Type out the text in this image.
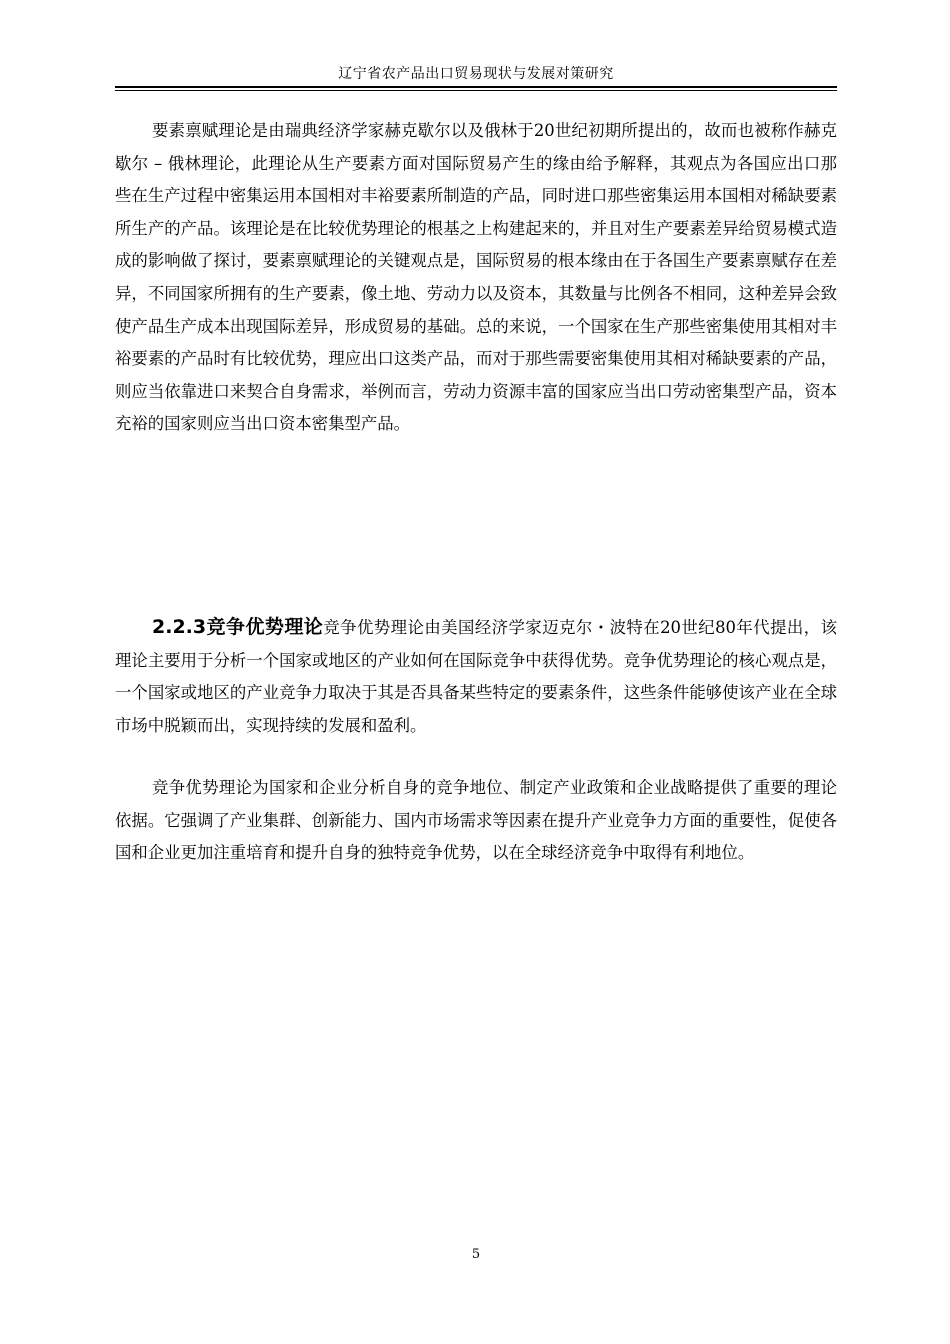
辽宁省农产品出口贸易现状与发展对策研究

要素禀赋理论是由瑞典经济学家赫克歇尔以及俄林于20世纪初期所提出的，故而也被称作赫克歇尔 – 俄林理论，此理论从生产要素方面对国际贸易产生的缘由给予解释，其观点为各国应出口那些在生产过程中密集运用本国相对丰裕要素所制造的产品，同时进口那些密集运用本国相对稀缺要素所生产的产品。该理论是在比较优势理论的根基之上构建起来的，并且对生产要素差异给贸易模式造成的影响做了探讨，要素禀赋理论的关键观点是，国际贸易的根本缘由在于各国生产要素禀赋存在差异，不同国家所拥有的生产要素，像土地、劳动力以及资本，其数量与比例各不相同，这种差异会致使产品生产成本出现国际差异，形成贸易的基础。总的来说，一个国家在生产那些密集使用其相对丰裕要素的产品时有比较优势，理应出口这类产品，而对于那些需要密集使用其相对稀缺要素的产品，则应当依靠进口来契合自身需求，举例而言，劳动力资源丰富的国家应当出口劳动密集型产品，资本充裕的国家则应当出口资本密集型产品。

2.2.3竞争优势理论竞争优势理论由美国经济学家迈克尔・波特在20世纪80年代提出，该理论主要用于分析一个国家或地区的产业如何在国际竞争中获得优势。竞争优势理论的核心观点是，一个国家或地区的产业竞争力取决于其是否具备某些特定的要素条件，这些条件能够使该产业在全球市场中脱颖而出，实现持续的发展和盈利。

竞争优势理论为国家和企业分析自身的竞争地位、制定产业政策和企业战略提供了重要的理论依据。它强调了产业集群、创新能力、国内市场需求等因素在提升产业竞争力方面的重要性，促使各国和企业更加注重培育和提升自身的独特竞争优势，以在全球经济竞争中取得有利地位。

5
